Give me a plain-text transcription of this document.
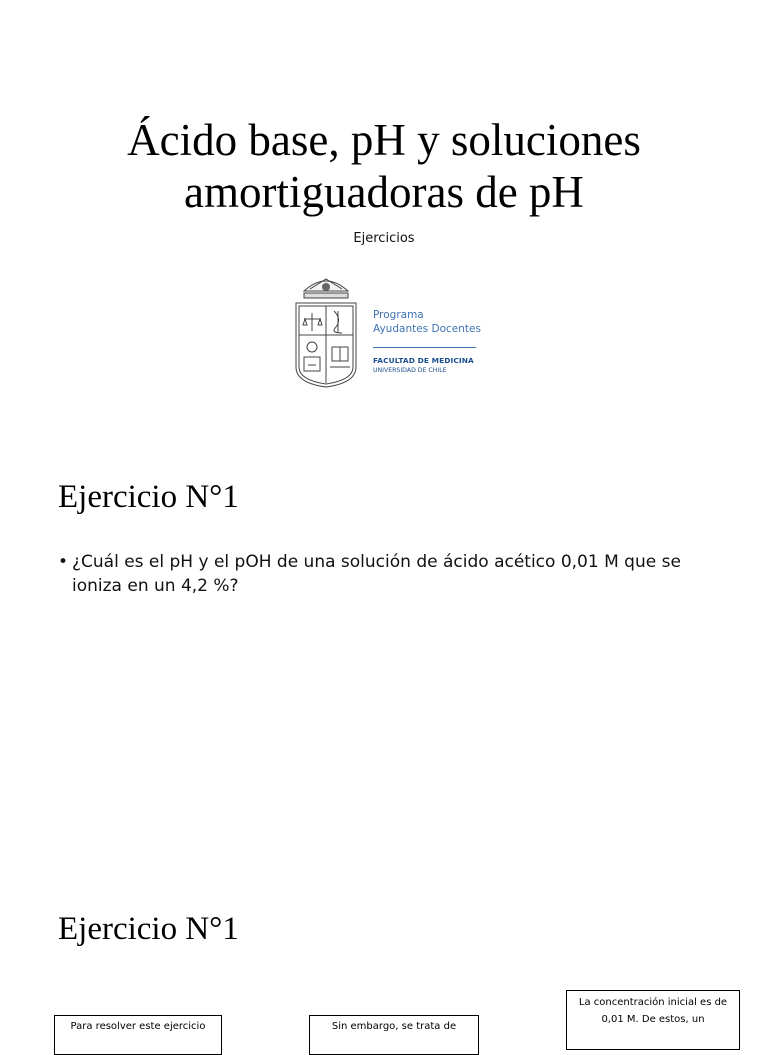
Ácido base, pH y soluciones amortiguadoras de pH
Ejercicios
Programa
Ayudantes Docentes
FACULTAD DE MEDICINA
UNIVERSIDAD DE CHILE
Ejercicio N°1
• ¿Cuál es el pH y el pOH de una solución de ácido acético 0,01 M que se ioniza en un 4,2 %?
Ejercicio N°1
Para resolver este ejercicio	Sin embargo, se trata de
La concentración inicial es de 0,01 M. De estos, un
